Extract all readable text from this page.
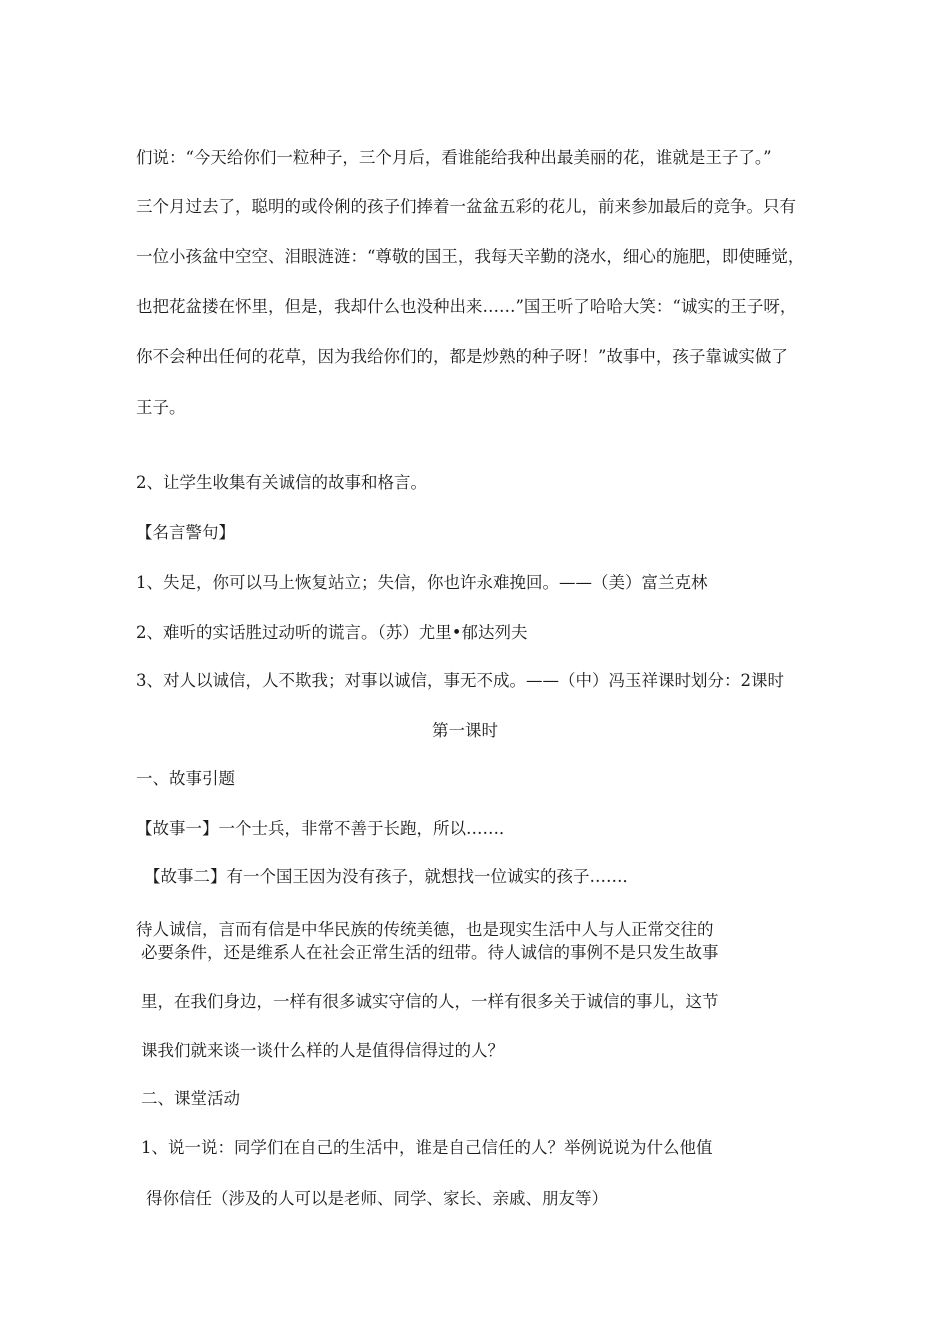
们说：“今天给你们一粒种子，三个月后，看谁能给我种出最美丽的花，谁就是王子了。”
三个月过去了，聪明的或伶俐的孩子们捧着一盆盆五彩的花儿，前来参加最后的竞争。只有
一位小孩盆中空空、泪眼涟涟：“尊敬的国王，我每天辛勤的浇水，细心的施肥，即使睡觉，
也把花盆搂在怀里，但是，我却什么也没种出来……”国王听了哈哈大笑：“诚实的王子呀，
你不会种出任何的花草，因为我给你们的，都是炒熟的种子呀！”故事中，孩子靠诚实做了
王子。
2、让学生收集有关诚信的故事和格言。
【名言警句】
1、失足，你可以马上恢复站立；失信，你也许永难挽回。——（美）富兰克林
2、难听的实话胜过动听的谎言。（苏）尤里•郁达列夫
3、对人以诚信，人不欺我；对事以诚信，事无不成。——（中）冯玉祥课时划分：2课时
第一课时
一、故事引题
【故事一】一个士兵，非常不善于长跑，所以……．
【故事二】有一个国王因为没有孩子，就想找一位诚实的孩子……．
待人诚信，言而有信是中华民族的传统美德，也是现实生活中人与人正常交往的
必要条件，还是维系人在社会正常生活的纽带。待人诚信的事例不是只发生故事
里，在我们身边，一样有很多诚实守信的人，一样有很多关于诚信的事儿，这节
课我们就来谈一谈什么样的人是值得信得过的人？
二、课堂活动
1、说一说：同学们在自己的生活中，谁是自己信任的人？举例说说为什么他值
得你信任（涉及的人可以是老师、同学、家长、亲戚、朋友等）
